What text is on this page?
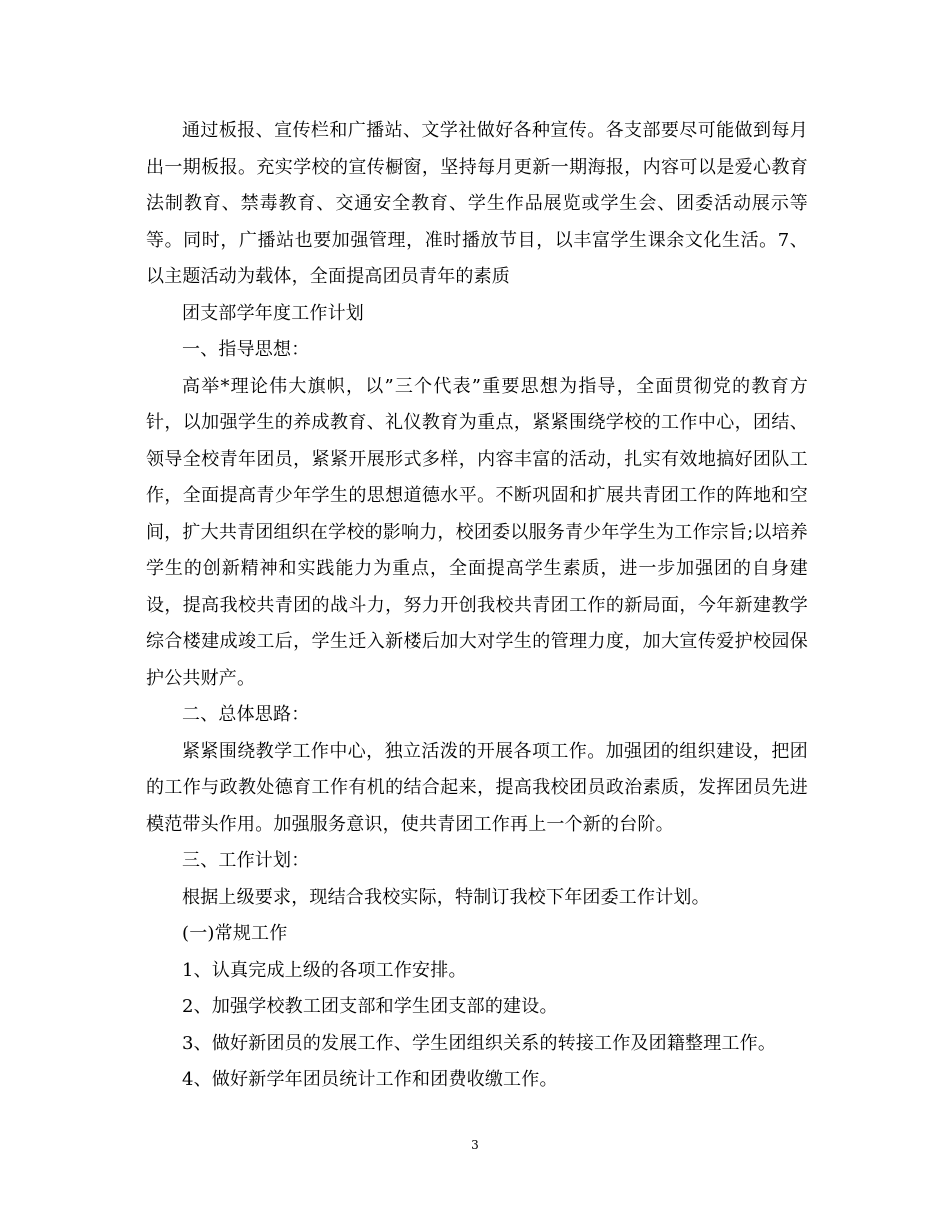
通过板报、宣传栏和广播站、文学社做好各种宣传。各支部要尽可能做到每月出一期板报。充实学校的宣传橱窗，坚持每月更新一期海报，内容可以是爱心教育法制教育、禁毒教育、交通安全教育、学生作品展览或学生会、团委活动展示等等。同时，广播站也要加强管理，准时播放节目，以丰富学生课余文化生活。7、以主题活动为载体，全面提高团员青年的素质

团支部学年度工作计划

一、指导思想：

高举*理论伟大旗帜，以”三个代表”重要思想为指导，全面贯彻党的教育方针，以加强学生的养成教育、礼仪教育为重点，紧紧围绕学校的工作中心，团结、领导全校青年团员，紧紧开展形式多样，内容丰富的活动，扎实有效地搞好团队工作，全面提高青少年学生的思想道德水平。不断巩固和扩展共青团工作的阵地和空间，扩大共青团组织在学校的影响力，校团委以服务青少年学生为工作宗旨;以培养学生的创新精神和实践能力为重点，全面提高学生素质，进一步加强团的自身建设，提高我校共青团的战斗力，努力开创我校共青团工作的新局面，今年新建教学综合楼建成竣工后，学生迁入新楼后加大对学生的管理力度，加大宣传爱护校园保护公共财产。

二、总体思路：

紧紧围绕教学工作中心，独立活泼的开展各项工作。加强团的组织建设，把团的工作与政教处德育工作有机的结合起来，提高我校团员政治素质，发挥团员先进模范带头作用。加强服务意识，使共青团工作再上一个新的台阶。

三、工作计划：

根据上级要求，现结合我校实际，特制订我校下年团委工作计划。

(一)常规工作

1、认真完成上级的各项工作安排。

2、加强学校教工团支部和学生团支部的建设。

3、做好新团员的发展工作、学生团组织关系的转接工作及团籍整理工作。

4、做好新学年团员统计工作和团费收缴工作。

3
